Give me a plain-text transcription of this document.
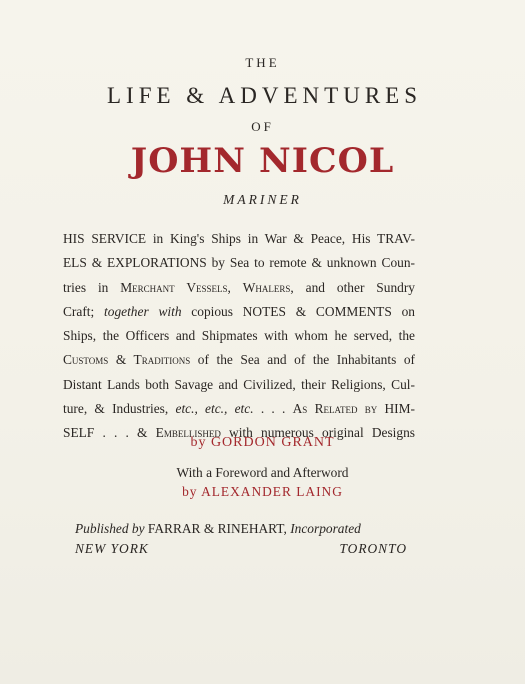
THE
LIFE & ADVENTURES
OF
JOHN NICOL
MARINER
HIS SERVICE in King's Ships in War & Peace, His TRAV-
ELS & EXPLORATIONS by Sea to remote & unknown Coun-
tries in Merchant Vessels, Whalers, and other Sundry
Craft; together with copious NOTES & COMMENTS on
Ships, the Officers and Shipmates with whom he served, the
Customs & Traditions of the Sea and of the Inhabitants of
Distant Lands both Savage and Civilized, their Religions, Cul-
ture, & Industries, etc., etc., etc. . . . As Related by HIM-
SELF . . . & Embellished with numerous original Designs
by GORDON GRANT
With a Foreword and Afterword
by ALEXANDER LAING
Published by FARRAR & RINEHART, Incorporated
NEW YORK	TORONTO
